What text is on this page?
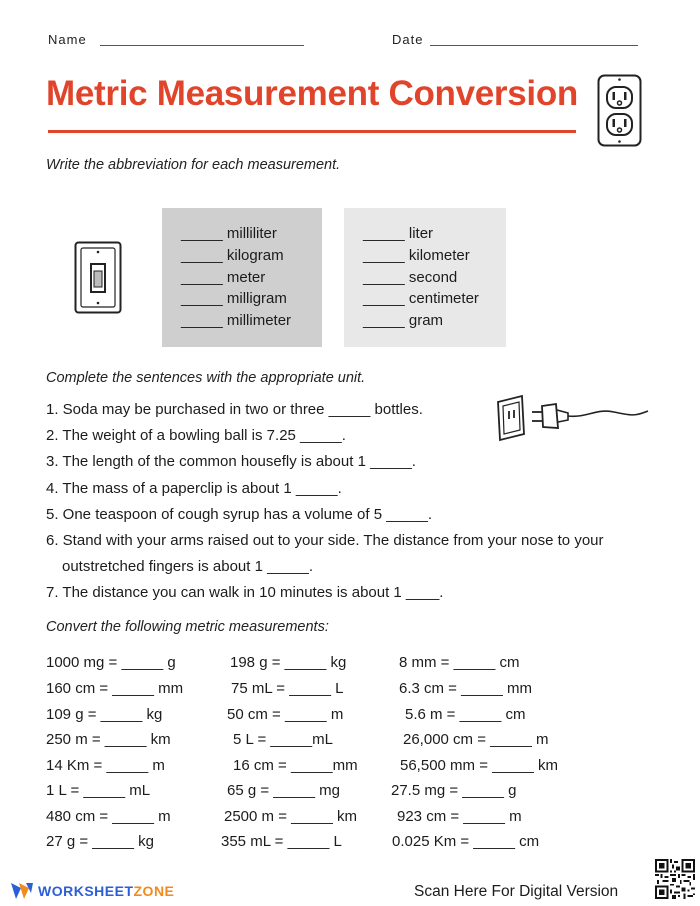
Name	Date
Metric Measurement Conversion
Write the abbreviation for each measurement.
_____ milliliter
_____ kilogram
_____ meter
_____ milligram
_____ millimeter
_____ liter
_____ kilometer
_____ second
_____ centimeter
_____ gram
Complete the sentences with the appropriate unit.
1. Soda may be purchased in two or three _____ bottles.
2. The weight of a bowling ball is 7.25 _____.
3. The length of the common housefly is about 1 _____.
4. The mass of a paperclip is about 1 _____.
5. One teaspoon of cough syrup has a volume of 5 _____.
6. Stand with your arms raised out to your side. The distance from your nose to your
outstretched fingers is about 1 _____.
7. The distance you can walk in 10 minutes is about 1 ____.
Convert the following metric measurements:
1000 mg = _____ g
160 cm = _____ mm
109 g = _____ kg
250 m = _____ km
14 Km = _____ m
1 L = _____ mL
480 cm = _____ m
27 g = _____ kg
198 g = _____ kg
75 mL = _____ L
50 cm = _____ m
5 L = _____mL
16 cm = _____mm
65 g = _____ mg
2500 m = _____ km
355 mL = _____ L
8 mm = _____ cm
6.3 cm = _____ mm
5.6 m = _____ cm
26,000 cm = _____ m
56,500 mm = _____ km
27.5 mg = _____ g
923 cm = _____ m
0.025 Km = _____ cm
WORKSHEETZONE	Scan Here For Digital Version
